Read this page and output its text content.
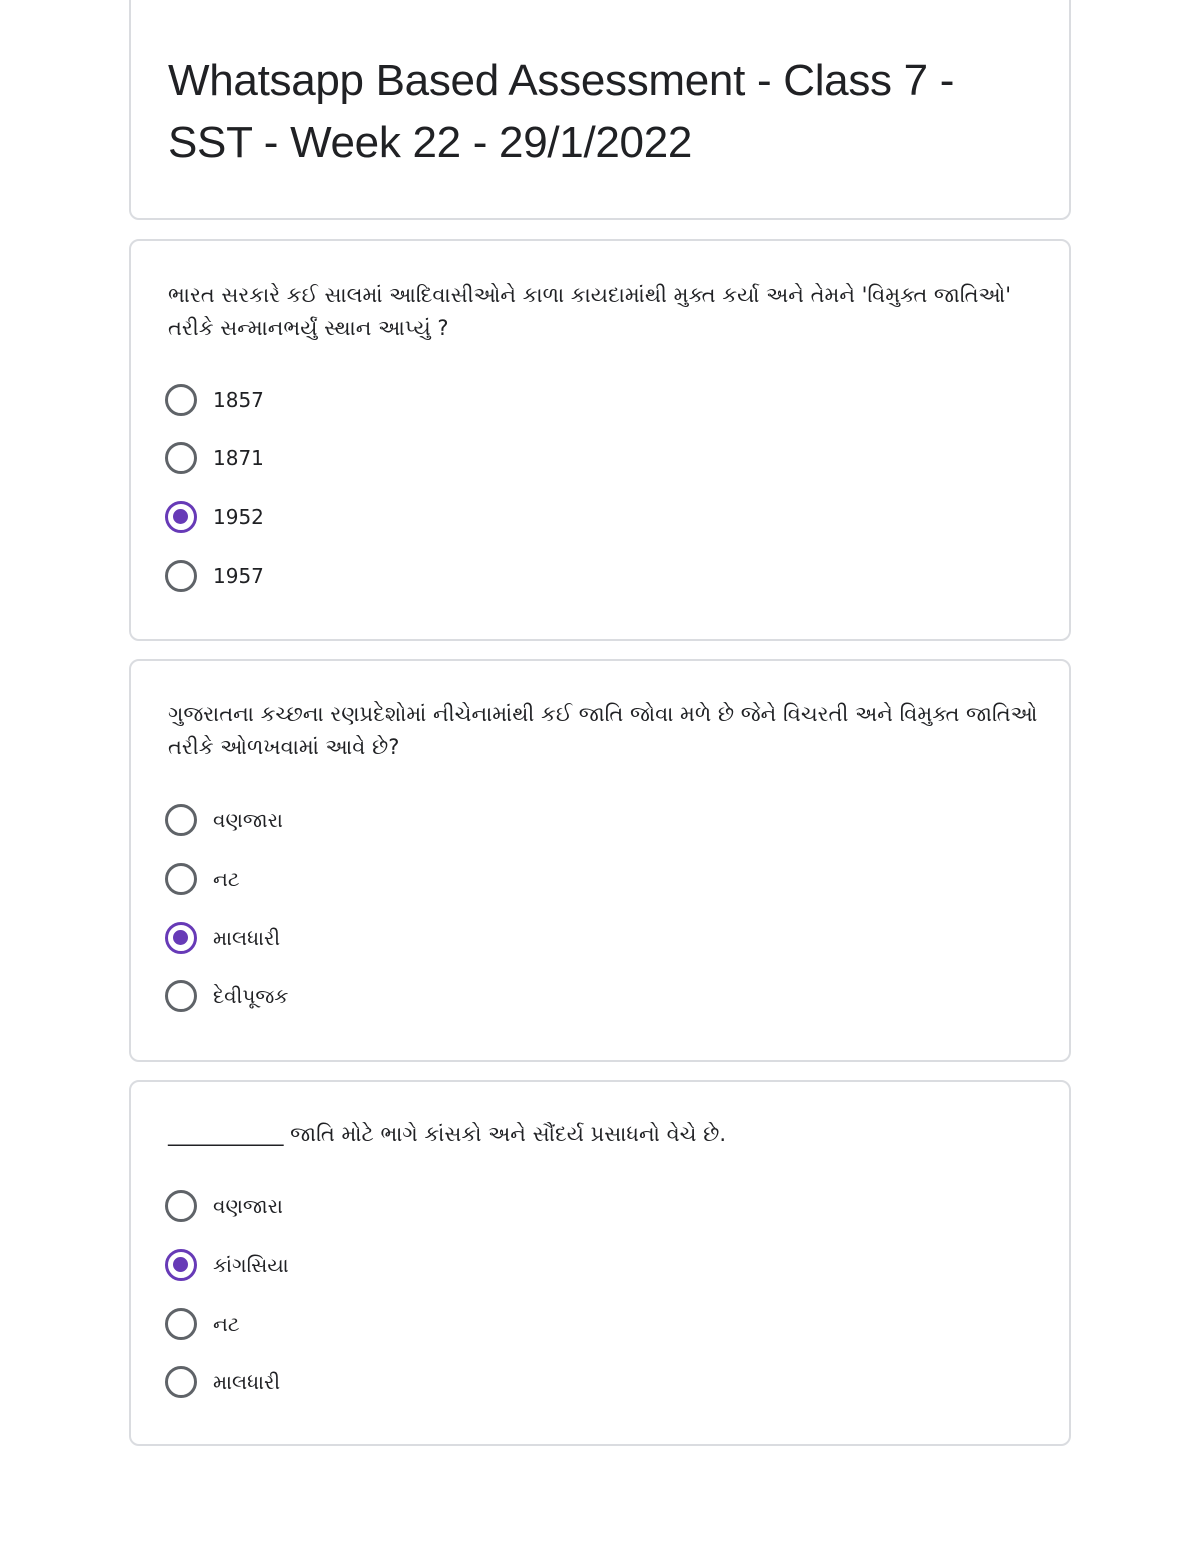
Whatsapp Based Assessment - Class 7 - SST - Week 22 - 29/1/2022
ભારત સરકારે કઈ સાલમાં આદિવાસીઓને કાળા કાયદામાંથી મુક્ત કર્યા અને તેમને 'વિમુક્ત જાતિઓ' તરીકે સન્માનભર્યું સ્થાન આપ્યું ?
1857
1871
1952
1957
ગુજરાતના કચ્છના રણપ્રદેશોમાં નીચેનામાંથી કઈ જાતિ જોવા મળે છે જેને વિચરતી અને વિમુક્ત જાતિઓ તરીકે ઓળખવામાં આવે છે?
વણજારા
નટ
માલધારી
દેવીપૂજક
___________ જાતિ મોટે ભાગે કાંસકો અને સૌંદર્ય પ્રસાધનો વેચે છે.
વણજારા
કાંગસિયા
નટ
માલધારી
